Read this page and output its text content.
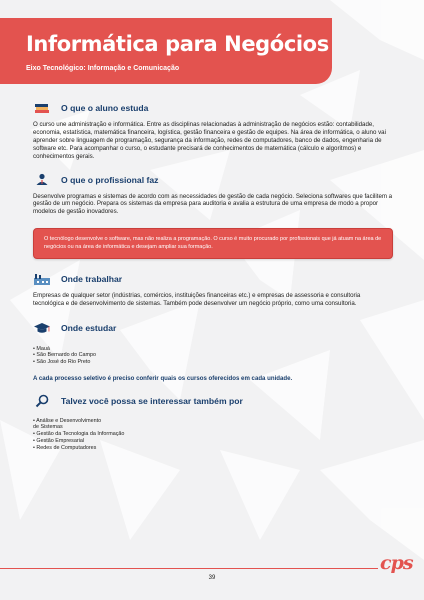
Informática para Negócios
Eixo Tecnológico: Informação e Comunicação
O que o aluno estuda

O curso une administração e informática. Entre as disciplinas relacionadas à administração de negócios estão: contabilidade, economia, estatística, matemática financeira, logística, gestão financeira e gestão de equipes. Na área de informática, o aluno vai aprender sobre linguagem de programação, segurança da informação, redes de computadores, banco de dados, engenharia de software etc. Para acompanhar o curso, o estudante precisará de conhecimentos de matemática (cálculo e algoritmos) e conhecimentos gerais.

O que o profissional faz

Desenvolve programas e sistemas de acordo com as necessidades de gestão de cada negócio. Seleciona softwares que facilitem a gestão de um negócio. Prepara os sistemas da empresa para auditoria e avalia a estrutura de uma empresa de modo a propor modelos de gestão inovadores.

O tecnólogo desenvolve o software, mas não realiza a programação. O curso é muito procurado por profissionais que já atuam na área de negócios ou na área de informática e desejam ampliar sua formação.
Onde trabalhar

Empresas de qualquer setor (indústrias, comércios, instituições financeiras etc.) e empresas de assessoria e consultoria tecnológica e de desenvolvimento de sistemas. Também pode desenvolver um negócio próprio, como uma consultoria.

Onde estudar
• Mauá
• São Bernardo do Campo
• São José do Rio Preto
A cada processo seletivo é preciso conferir quais os cursos oferecidos em cada unidade.
Talvez você possa se interessar também por
• Análise e Desenvolvimento
de Sistemas
• Gestão da Tecnologia da Informação
• Gestão Empresarial
• Redes de Computadores
cps
39
